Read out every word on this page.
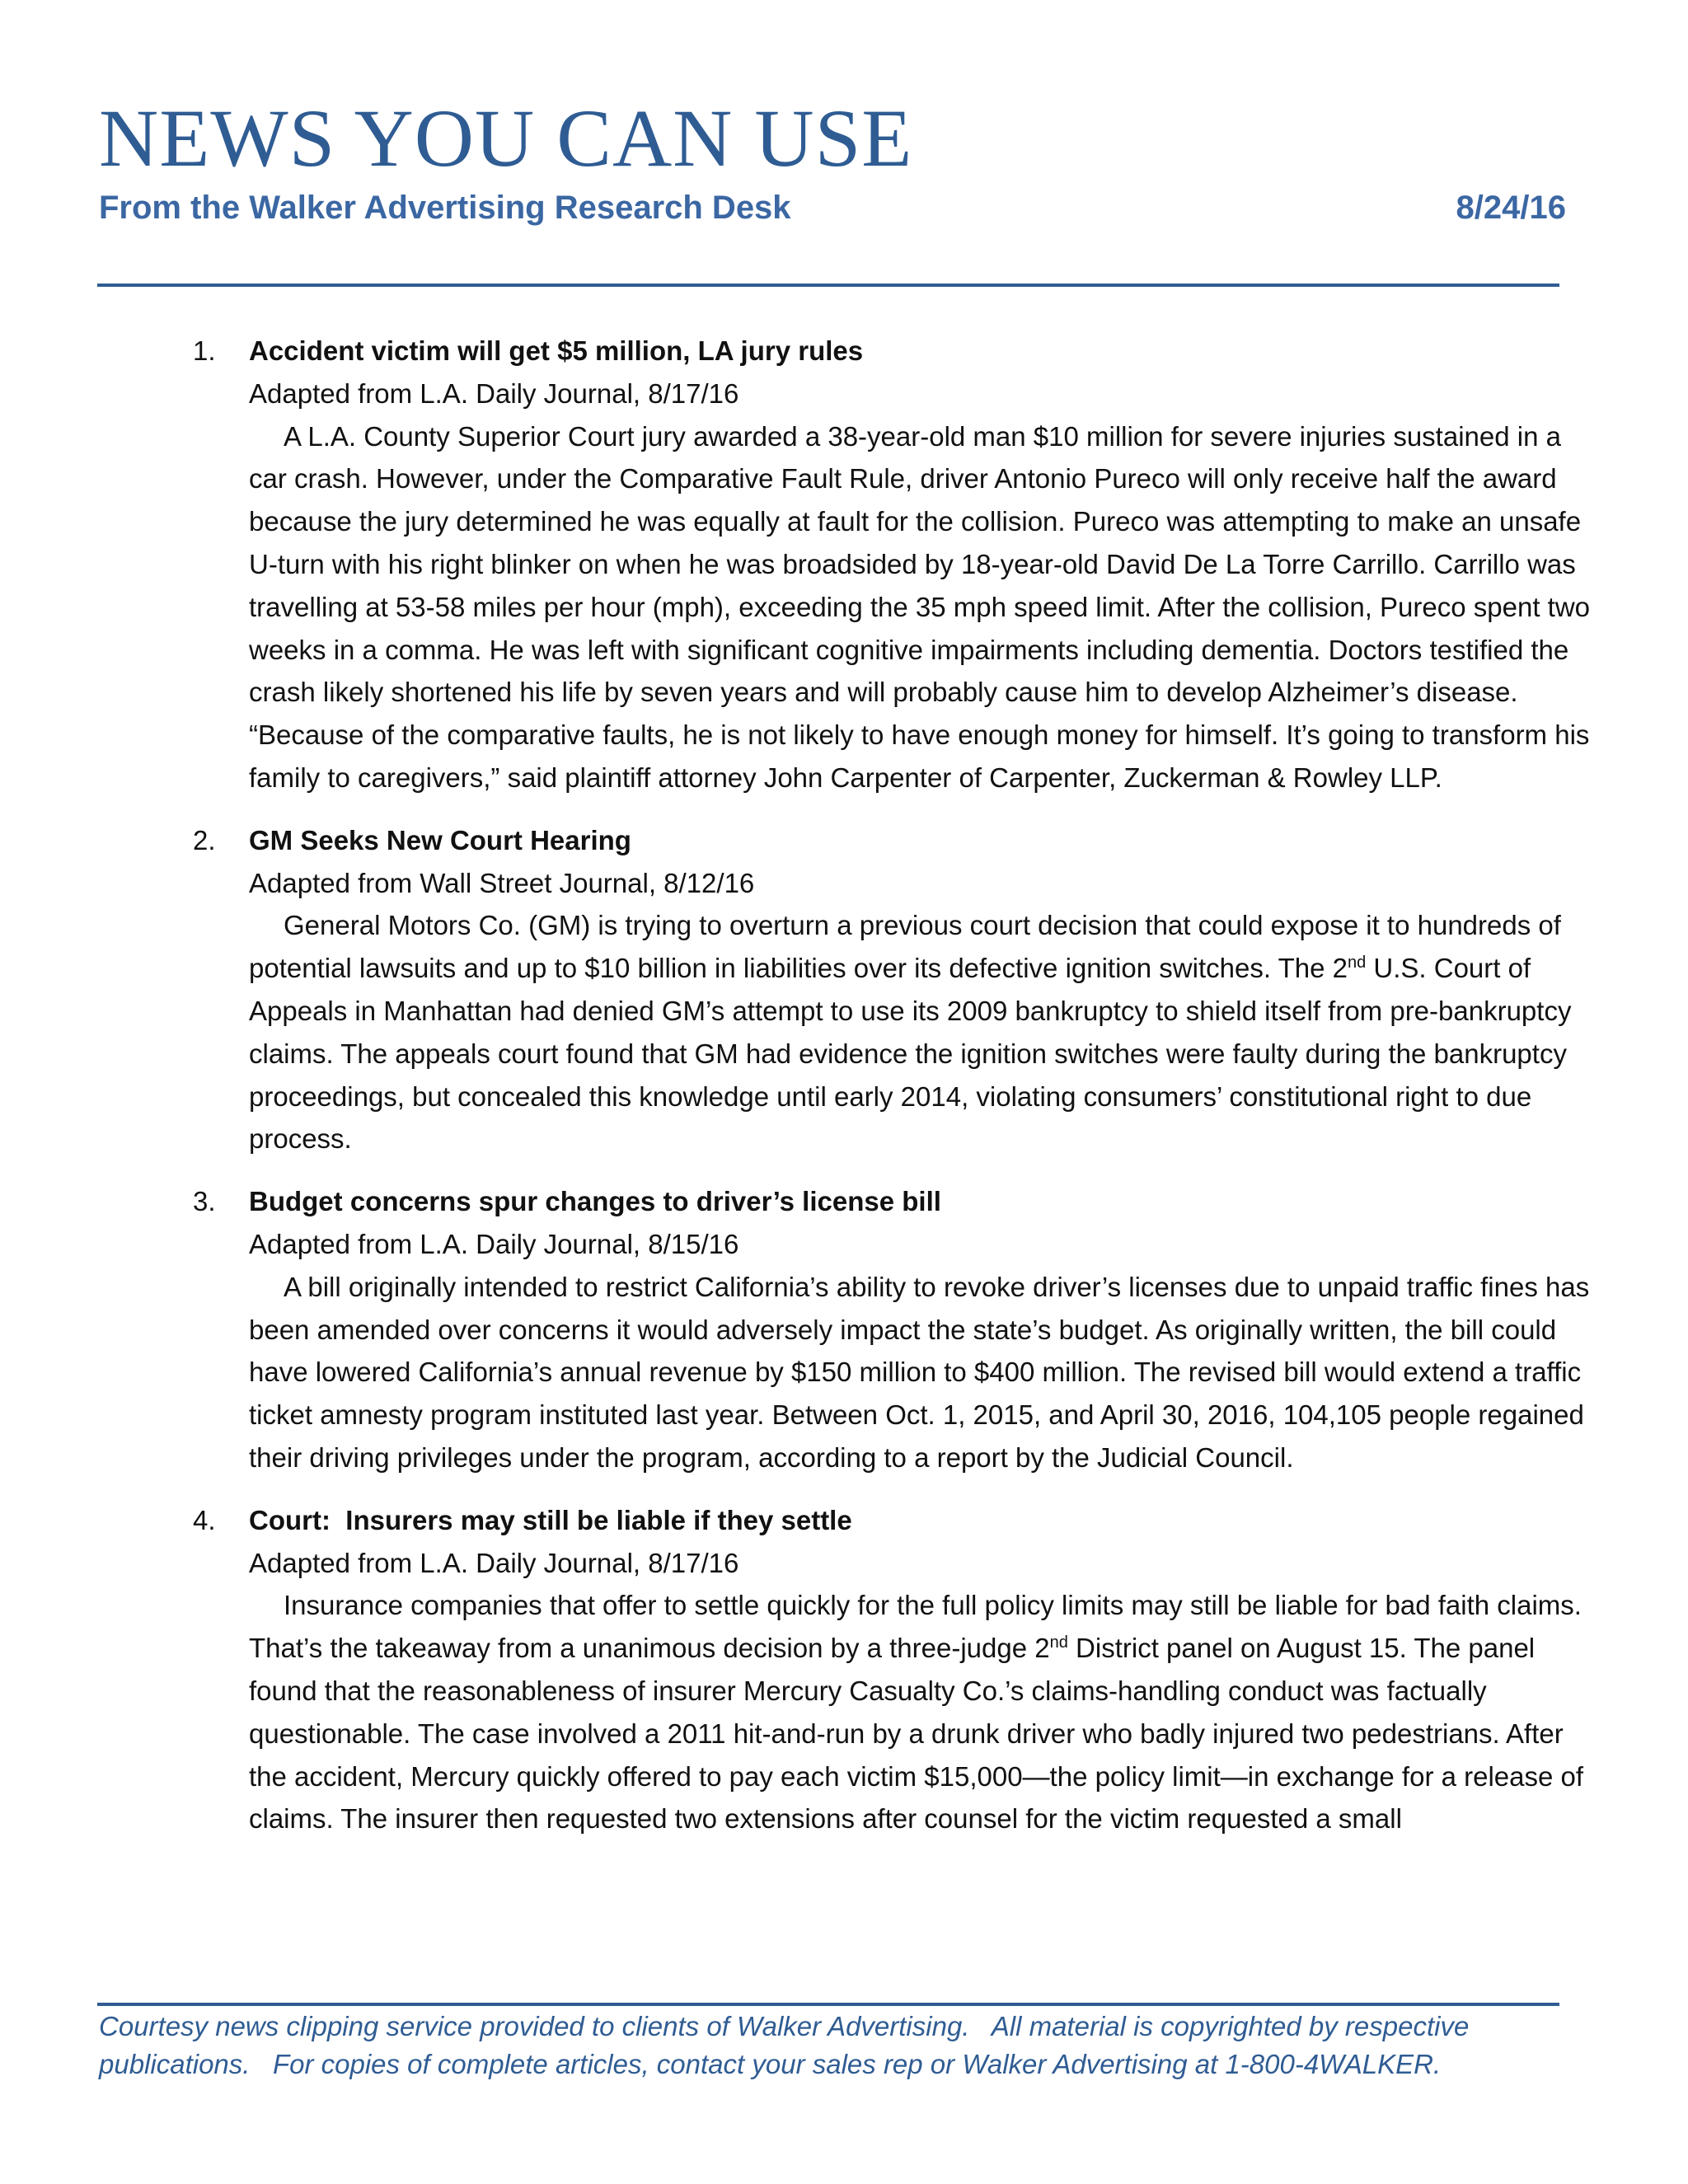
NEWS YOU CAN USE
From the Walker Advertising Research Desk	8/24/16
1. Accident victim will get $5 million, LA jury rules
Adapted from L.A. Daily Journal, 8/17/16
A L.A. County Superior Court jury awarded a 38-year-old man $10 million for severe injuries sustained in a car crash. However, under the Comparative Fault Rule, driver Antonio Pureco will only receive half the award because the jury determined he was equally at fault for the collision. Pureco was attempting to make an unsafe U-turn with his right blinker on when he was broadsided by 18-year-old David De La Torre Carrillo. Carrillo was travelling at 53-58 miles per hour (mph), exceeding the 35 mph speed limit. After the collision, Pureco spent two weeks in a comma. He was left with significant cognitive impairments including dementia. Doctors testified the crash likely shortened his life by seven years and will probably cause him to develop Alzheimer’s disease. “Because of the comparative faults, he is not likely to have enough money for himself. It’s going to transform his family to caregivers,” said plaintiff attorney John Carpenter of Carpenter, Zuckerman & Rowley LLP.
2. GM Seeks New Court Hearing
Adapted from Wall Street Journal, 8/12/16
General Motors Co. (GM) is trying to overturn a previous court decision that could expose it to hundreds of potential lawsuits and up to $10 billion in liabilities over its defective ignition switches. The 2nd U.S. Court of Appeals in Manhattan had denied GM’s attempt to use its 2009 bankruptcy to shield itself from pre-bankruptcy claims. The appeals court found that GM had evidence the ignition switches were faulty during the bankruptcy proceedings, but concealed this knowledge until early 2014, violating consumers’ constitutional right to due process.
3. Budget concerns spur changes to driver’s license bill
Adapted from L.A. Daily Journal, 8/15/16
A bill originally intended to restrict California’s ability to revoke driver’s licenses due to unpaid traffic fines has been amended over concerns it would adversely impact the state’s budget. As originally written, the bill could have lowered California’s annual revenue by $150 million to $400 million. The revised bill would extend a traffic ticket amnesty program instituted last year. Between Oct. 1, 2015, and April 30, 2016, 104,105 people regained their driving privileges under the program, according to a report by the Judicial Council.
4. Court:  Insurers may still be liable if they settle
Adapted from L.A. Daily Journal, 8/17/16
Insurance companies that offer to settle quickly for the full policy limits may still be liable for bad faith claims. That’s the takeaway from a unanimous decision by a three-judge 2nd District panel on August 15. The panel found that the reasonableness of insurer Mercury Casualty Co.’s claims-handling conduct was factually questionable. The case involved a 2011 hit-and-run by a drunk driver who badly injured two pedestrians. After the accident, Mercury quickly offered to pay each victim $15,000—the policy limit—in exchange for a release of claims. The insurer then requested two extensions after counsel for the victim requested a small
Courtesy news clipping service provided to clients of Walker Advertising.   All material is copyrighted by respective
publications.   For copies of complete articles, contact your sales rep or Walker Advertising at 1-800-4WALKER.
